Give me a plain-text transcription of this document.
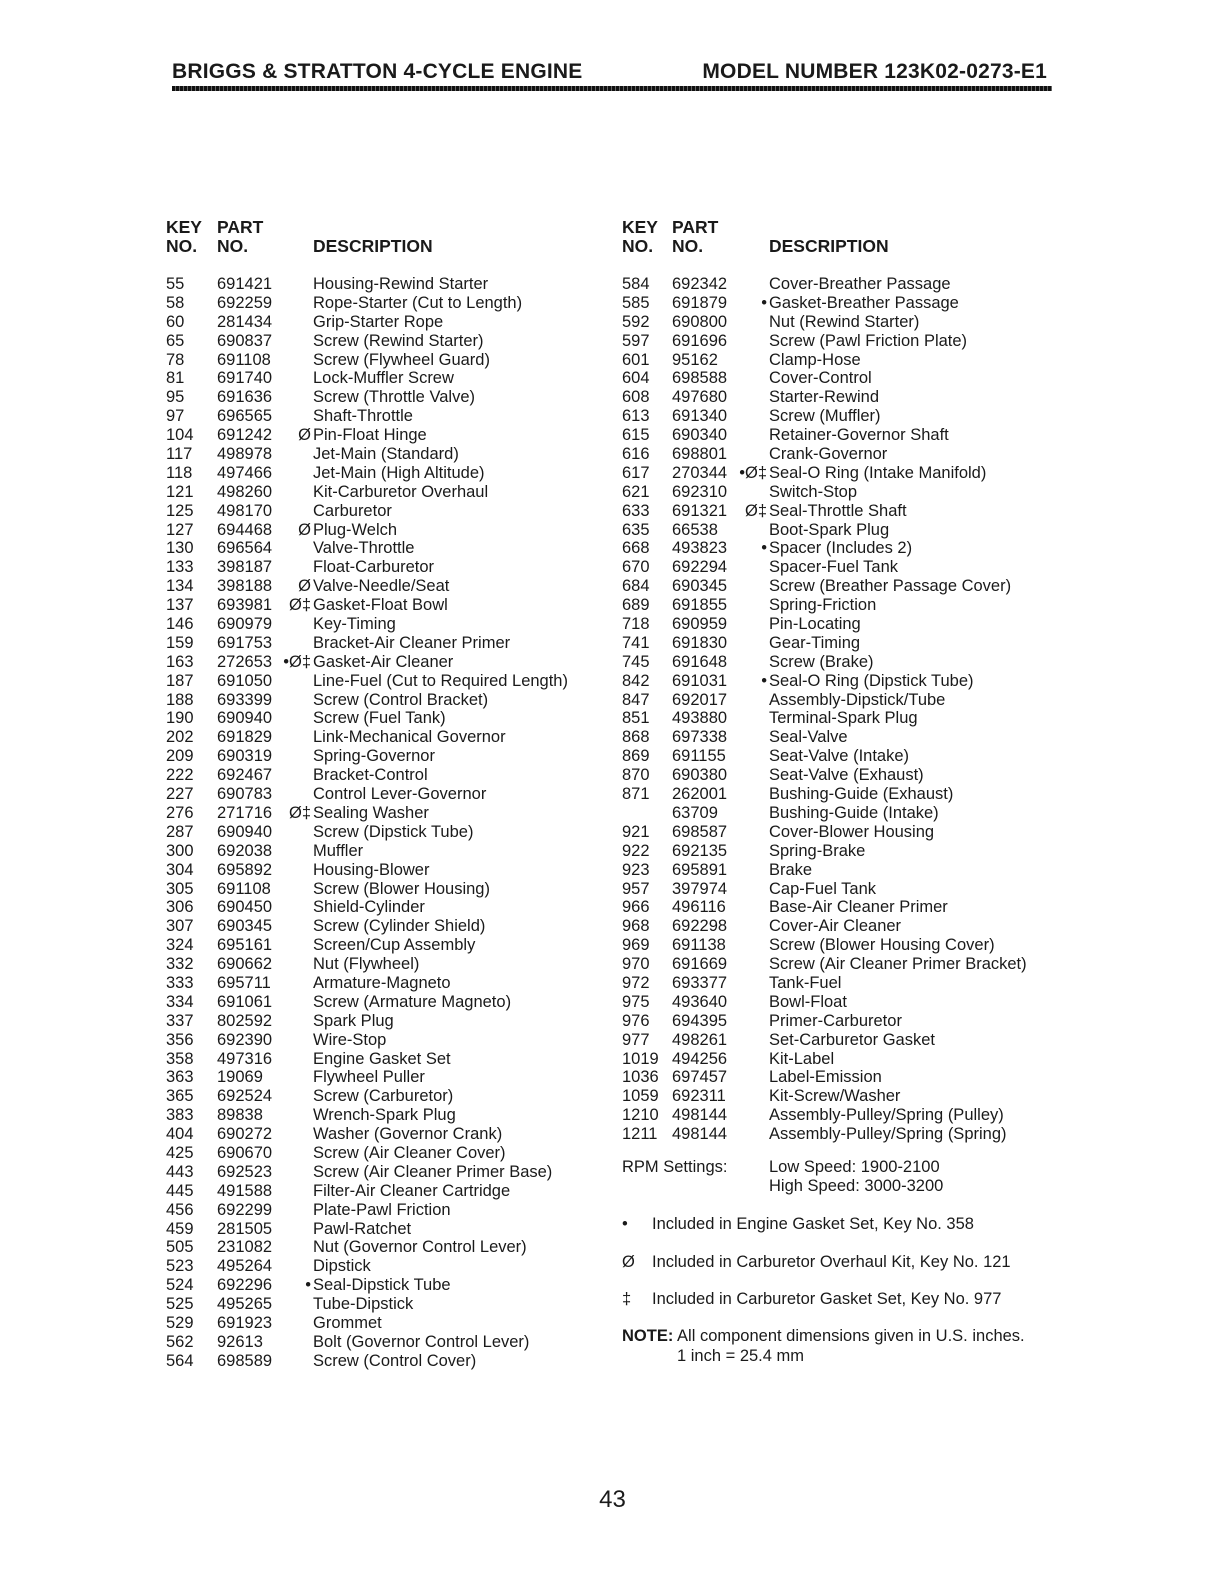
BRIGGS & STRATTON 4-CYCLE ENGINE	MODEL NUMBER 123K02-0273-E1
KEY
NO.
PART
NO.	DESCRIPTION
KEY
NO.
PART
NO.	DESCRIPTION
55 691421 Housing-Rewind Starter
58 692259 Rope-Starter (Cut to Length)
60 281434 Grip-Starter Rope
65 690837 Screw (Rewind Starter)
78 691108	Screw (Flywheel Guard)
81 691740 Lock-Muffler Screw
95 691636 Screw (Throttle Valve)
97 696565 Shaft-Throttle
104 691242 Ø Pin-Float Hinge
117 498978 Jet-Main (Standard)
118 497466 Jet-Main (High Altitude)
121 498260 Kit-Carburetor Overhaul
125 498170 Carburetor
127 694468 Ø Plug-Welch
130 696564 Valve-Throttle
133 398187 Float-Carburetor
134 398188 Ø Valve-Needle/Seat
137 693981 Ø‡ Gasket-Float Bowl
146 690979 Key-Timing
159 691753 Bracket-Air Cleaner Primer
163 272653 •Ø‡ Gasket-Air Cleaner
187 691050 Line-Fuel (Cut to Required Length)
188 693399 Screw (Control Bracket)
190 690940 Screw (Fuel Tank)
202 691829 Link-Mechanical Governor
209 690319 Spring-Governor
222 692467 Bracket-Control
227 690783 Control Lever-Governor
276 271716 Ø‡ Sealing Washer
287 690940 Screw (Dipstick Tube)
300 692038 Muffler
304 695892 Housing-Blower
305 691108	Screw (Blower Housing)
306 690450 Shield-Cylinder
307 690345 Screw (Cylinder Shield)
324 695161 Screen/Cup Assembly
332 690662 Nut (Flywheel)
333 695711	Armature-Magneto
334 691061 Screw (Armature Magneto)
337 802592 Spark Plug
356 692390 Wire-Stop
358 497316 Engine Gasket Set
363 19069	Flywheel Puller
365 692524 Screw (Carburetor)
383 89838	Wrench-Spark Plug
404 690272 Washer (Governor Crank)
425 690670 Screw (Air Cleaner Cover)
443 692523 Screw (Air Cleaner Primer Base)
445 491588 Filter-Air Cleaner Cartridge
456 692299 Plate-Pawl Friction
459 281505 Pawl-Ratchet
505 231082 Nut (Governor Control Lever)
523 495264 Dipstick
524 692296 • Seal-Dipstick Tube
525 495265 Tube-Dipstick
529 691923 Grommet
562 92613	Bolt (Governor Control Lever)
564 698589 Screw (Control Cover)
584 692342	Cover-Breather Passage
585 691879 • Gasket-Breather Passage
592 690800	Nut (Rewind Starter)
597 691696	Screw (Pawl Friction Plate)
601 95162	Clamp-Hose
604 698588	Cover-Control
608 497680	Starter-Rewind
613 691340	Screw (Muffler)
615 690340	Retainer-Governor Shaft
616 698801	Crank-Governor
617 270344 •Ø‡ Seal-O Ring (Intake Manifold)
621 692310	Switch-Stop
633 691321 Ø‡ Seal-Throttle Shaft
635 66538	Boot-Spark Plug
668 493823 • Spacer (Includes 2)
670 692294	Spacer-Fuel Tank
684 690345	Screw (Breather Passage Cover)
689 691855	Spring-Friction
718 690959	Pin-Locating
741 691830	Gear-Timing
745 691648	Screw (Brake)
842 691031 • Seal-O Ring (Dipstick Tube)
847 692017	Assembly-Dipstick/Tube
851 493880	Terminal-Spark Plug
868 697338	Seal-Valve
869 691155	Seat-Valve (Intake)
870 690380	Seat-Valve (Exhaust)
871 262001	Bushing-Guide (Exhaust)
63709	Bushing-Guide (Intake)
921 698587	Cover-Blower Housing
922 692135	Spring-Brake
923 695891	Brake
957 397974	Cap-Fuel Tank
966 496116	Base-Air Cleaner Primer
968 692298	Cover-Air Cleaner
969 691138	Screw (Blower Housing Cover)
970 691669	Screw (Air Cleaner Primer Bracket)
972 693377	Tank-Fuel
975 493640	Bowl-Float
976 694395	Primer-Carburetor
977 498261	Set-Carburetor Gasket
1019 494256	Kit-Label
1036 697457	Label-Emission
1059 692311	Kit-Screw/Washer
1210 498144	Assembly-Pulley/Spring (Pulley)
1211 498144	Assembly-Pulley/Spring (Spring)
RPM Settings:	Low Speed: 1900-2100
High Speed: 3000-3200
•	Included in Engine Gasket Set, Key No. 358
Ø	Included in Carburetor Overhaul Kit, Key No. 121
‡	Included in Carburetor Gasket Set, Key No. 977
NOTE: All component dimensions given in U.S. inches.
1 inch = 25.4 mm
43
